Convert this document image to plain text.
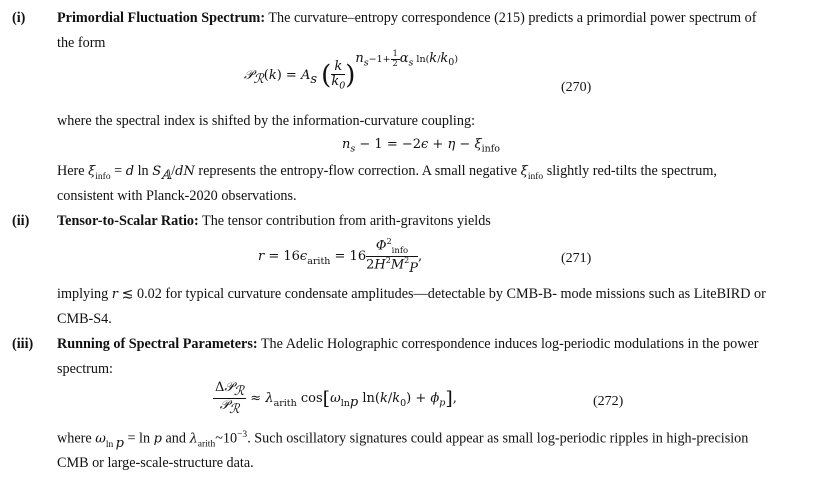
(i) Primordial Fluctuation Spectrum: The curvature–entropy correspondence (215) predicts a primordial power spectrum of
the form
𝒫$_ℛ$(k) = $A_s$ ( $\frac{k}{k_0} )^{n_s-1+ \frac{1}{2} \alpha_s ln(k/k_0)}$
(270)
where the spectral index is shifted by the information-curvature coupling:
$n_s - 1 = -2\epsilon + \eta - \xi_{info}$
Here $\xi_{info} = d$ $\ln S_𝔸/dN$ represents the entropy-flow correction. A small negative $\xi_{info}$ slightly red-tilts the spectrum,
consistent with Planck-2020 observations.
(ii) Tensor-to-Scalar Ratio: The tensor contribution from arith-gravitons yields
$r = 16\epsilon_{arith} = 16 \frac{\Phi^2_{info}}{2H^2M^2_P}$ ,	(271)
implying r ≲ 0.02 for typical curvature condensate amplitudes—detectable by CMB-B- mode missions such as LiteBIRD or
CMB-S4.
(iii) Running of Spectral Parameters: The Adelic Holographic correspondence induces log-periodic modulations in the power
spectrum:
$\frac{\Delta 𝒫_ℛ}{𝒫_ℛ} \approx \lambda_{arith}$ $\cos[\omega_{lnp}$ $\ln(k/k_0) + \phi_p$],	(272)
where $\omega_{ln p} = \ln p$ and $\lambda_{arith}\sim 10^{-3}$. Such oscillatory signatures could appear as small log-periodic ripples in high-precision
CMB or large-scale-structure data.
